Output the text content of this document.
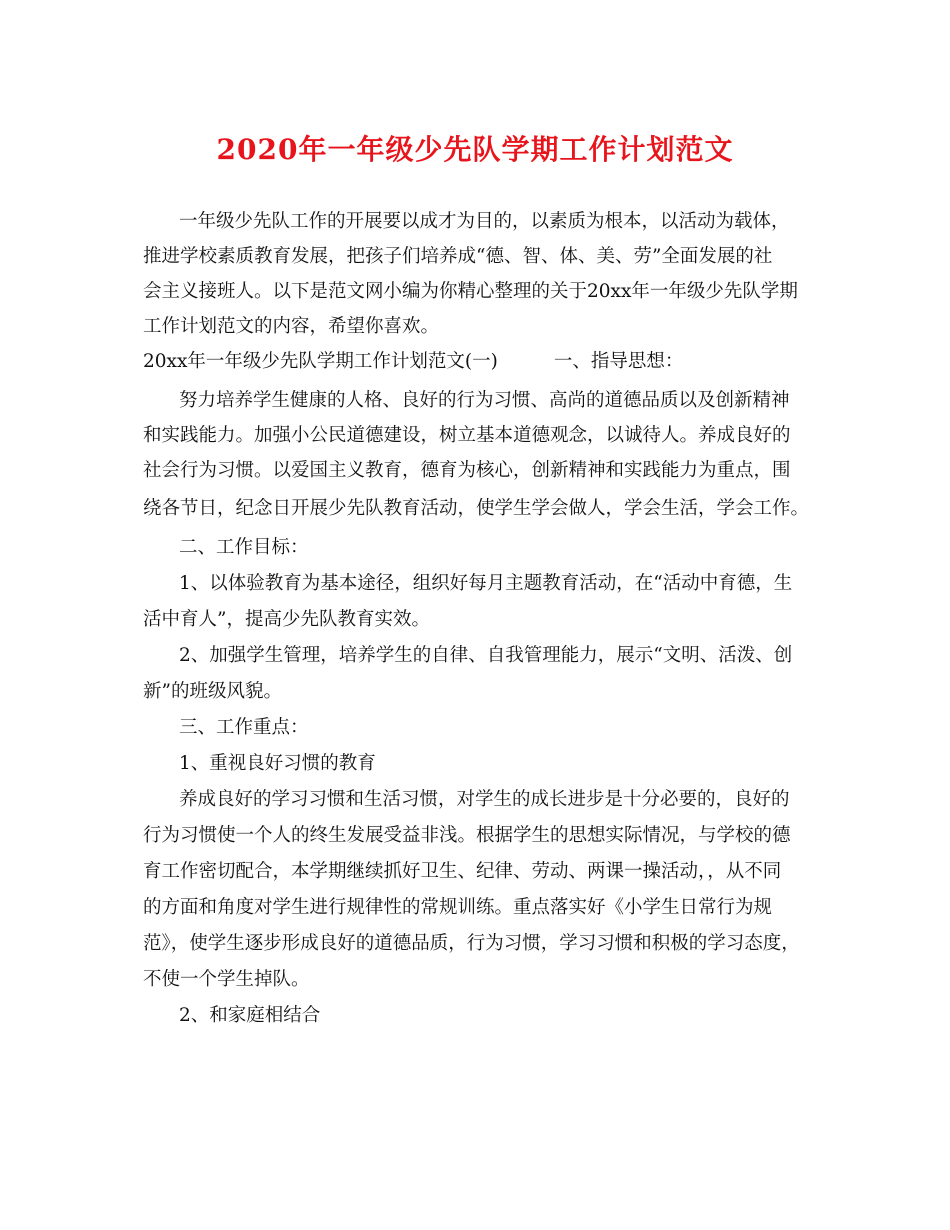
2020年一年级少先队学期工作计划范文
一年级少先队工作的开展要以成才为目的，以素质为根本，以活动为载体，
推进学校素质教育发展，把孩子们培养成“德、智、体、美、劳”全面发展的社
会主义接班人。以下是范文网小编为你精心整理的关于20xx年一年级少先队学期
工作计划范文的内容，希望你喜欢。
20xx年一年级少先队学期工作计划范文(一)	一、指导思想：
努力培养学生健康的人格、良好的行为习惯、高尚的道德品质以及创新精神
和实践能力。加强小公民道德建设，树立基本道德观念，以诚待人。养成良好的
社会行为习惯。以爱国主义教育，德育为核心，创新精神和实践能力为重点，围
绕各节日，纪念日开展少先队教育活动，使学生学会做人，学会生活，学会工作。
二、工作目标：
1、以体验教育为基本途径，组织好每月主题教育活动，在“活动中育德，生
活中育人”，提高少先队教育实效。
2、加强学生管理，培养学生的自律、自我管理能力，展示“文明、活泼、创
新”的班级风貌。
三、工作重点：
1、重视良好习惯的教育
养成良好的学习习惯和生活习惯，对学生的成长进步是十分必要的，良好的
行为习惯使一个人的终生发展受益非浅。根据学生的思想实际情况，与学校的德
育工作密切配合，本学期继续抓好卫生、纪律、劳动、两课一操活动，，从不同
的方面和角度对学生进行规律性的常规训练。重点落实好《小学生日常行为规
范》，使学生逐步形成良好的道德品质，行为习惯，学习习惯和积极的学习态度，
不使一个学生掉队。
2、和家庭相结合
